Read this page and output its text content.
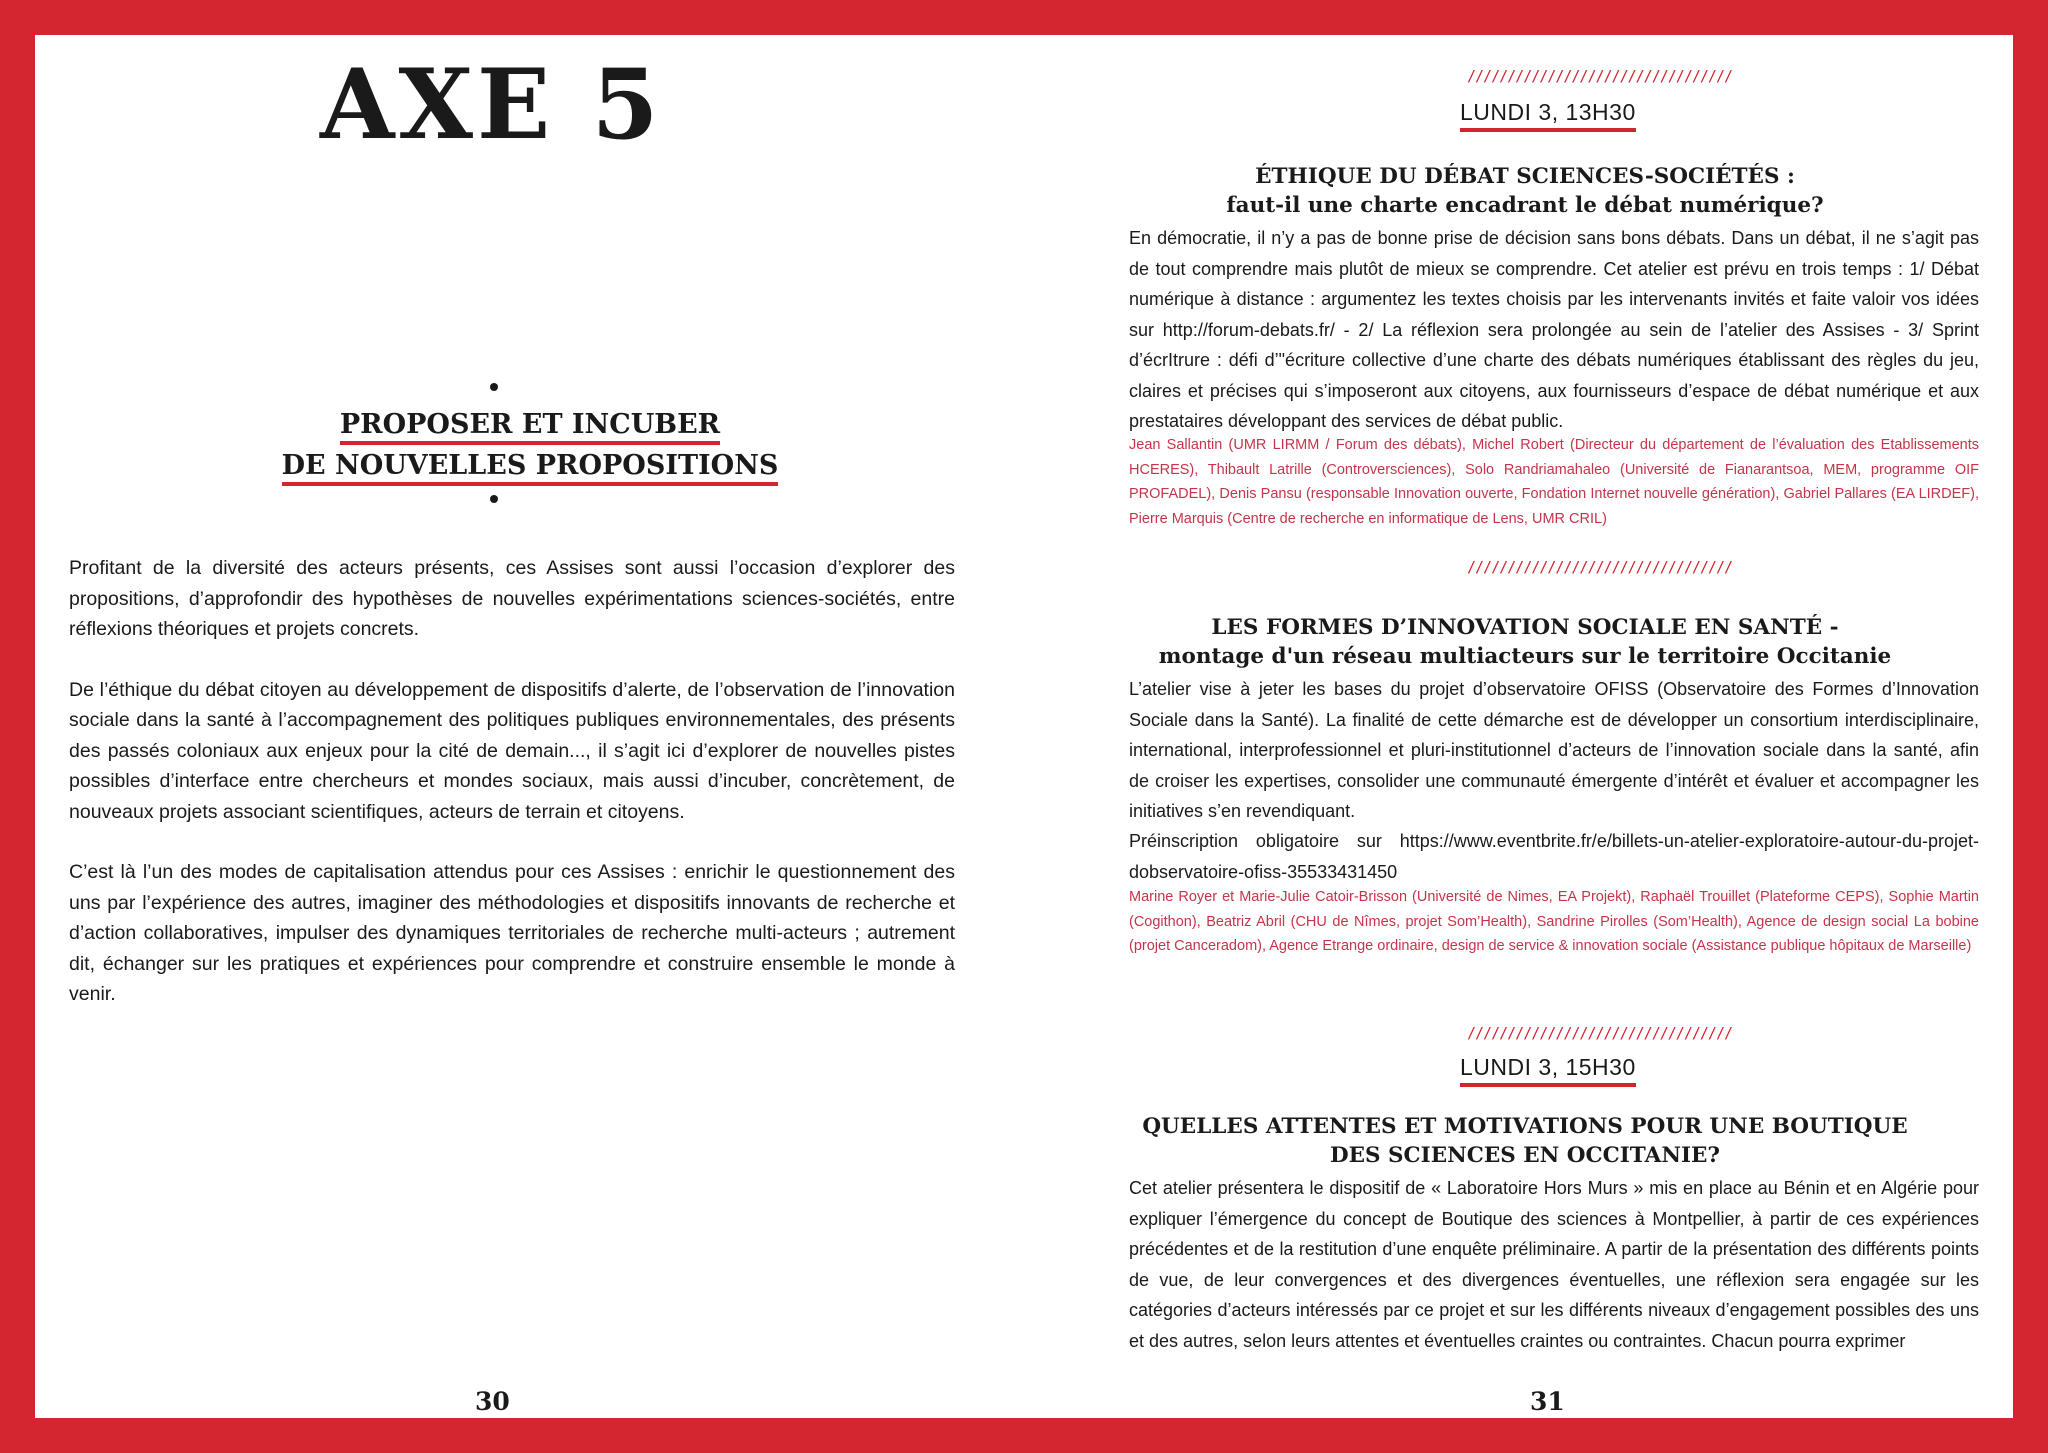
AXE 5
PROPOSER ET INCUBER
DE NOUVELLES PROPOSITIONS

Profitant de la diversité des acteurs présents, ces Assises sont aussi l’occasion d’explorer des propositions, d’approfondir des hypothèses de nouvelles expérimentations sciences-sociétés, entre réflexions théoriques et projets concrets.

De l’éthique du débat citoyen au développement de dispositifs d’alerte, de l’observation de l’innovation sociale dans la santé à l’accompagnement des politiques publiques environnementales, des présents des passés coloniaux aux enjeux pour la cité de demain..., il s’agit ici d’explorer de nouvelles pistes possibles d’interface entre chercheurs et mondes sociaux, mais aussi d’incuber, concrètement, de nouveaux projets associant scientifiques, acteurs de terrain et citoyens.

C’est là l’un des modes de capitalisation attendus pour ces Assises : enrichir le questionnement des uns par l’expérience des autres, imaginer des méthodologies et dispositifs innovants de recherche et d’action collaboratives, impulser des dynamiques territoriales de recherche multi-acteurs ; autrement dit, échanger sur les pratiques et expériences pour comprendre et construire ensemble le monde à venir.

30

/////////////////////////////////

LUNDI 3, 13H30

ÉTHIQUE DU DÉBAT SCIENCES-SOCIÉTÉS :
faut-il une charte encadrant le débat numérique?

En démocratie, il n’y a pas de bonne prise de décision sans bons débats. Dans un débat, il ne s’agit pas de tout comprendre mais plutôt de mieux se comprendre. Cet atelier est prévu en trois temps : 1/ Débat numérique à distance : argumentez les textes choisis par les intervenants invités et faite valoir vos idées sur http://forum-debats.fr/ - 2/ La réflexion sera prolongée au sein de l’atelier des Assises - 3/ Sprint d’écrItrure : défi d’"écriture collective d’une charte des débats numériques établissant des règles du jeu, claires et précises qui s’imposeront aux citoyens, aux fournisseurs d’espace de débat numérique et aux prestataires développant des services de débat public.

Jean Sallantin (UMR LIRMM / Forum des débats), Michel Robert (Directeur du département de l’évaluation des Etablissements HCERES), Thibault Latrille (Controversciences), Solo Randriamahaleo (Université de Fianarantsoa, MEM, programme OIF PROFADEL), Denis Pansu (responsable Innovation ouverte, Fondation Internet nouvelle génération), Gabriel Pallares (EA LIRDEF), Pierre Marquis (Centre de recherche en informatique de Lens, UMR CRIL)

/////////////////////////////////
LES FORMES D’INNOVATION SOCIALE EN SANTÉ -
montage d'un réseau multiacteurs sur le territoire Occitanie

L’atelier vise à jeter les bases du projet d’observatoire OFISS (Observatoire des Formes d’Innovation Sociale dans la Santé). La finalité de cette démarche est de développer un consortium interdisciplinaire, international, interprofessionnel et pluri-institutionnel d’acteurs de l’innovation sociale dans la santé, afin de croiser les expertises, consolider une communauté émergente d’intérêt et évaluer et accompagner les initiatives s’en revendiquant.

Préinscription obligatoire sur https://www.eventbrite.fr/e/billets-un-atelier-exploratoire-autour-du-projet-dobservatoire-ofiss-35533431450

Marine Royer et Marie-Julie Catoir-Brisson (Université de Nimes, EA Projekt), Raphaël Trouillet (Plateforme CEPS), Sophie Martin (Cogithon), Beatriz Abril (CHU de Nîmes, projet Som’Health), Sandrine Pirolles (Som’Health), Agence de design social La bobine (projet Canceradom), Agence Etrange ordinaire, design de service & innovation sociale (Assistance publique hôpitaux de Marseille)

/////////////////////////////////

LUNDI 3, 15H30

QUELLES ATTENTES ET MOTIVATIONS POUR UNE BOUTIQUE
DES SCIENCES EN OCCITANIE?

Cet atelier présentera le dispositif de « Laboratoire Hors Murs » mis en place au Bénin et en Algérie pour expliquer l’émergence du concept de Boutique des sciences à Montpellier, à partir de ces expériences précédentes et de la restitution d’une enquête préliminaire. A partir de la présentation des différents points de vue, de leur convergences et des divergences éventuelles, une réflexion sera engagée sur les catégories d’acteurs intéressés par ce projet et sur les différents niveaux d’engagement possibles des uns et des autres, selon leurs attentes et éventuelles craintes ou contraintes. Chacun pourra exprimer

31
